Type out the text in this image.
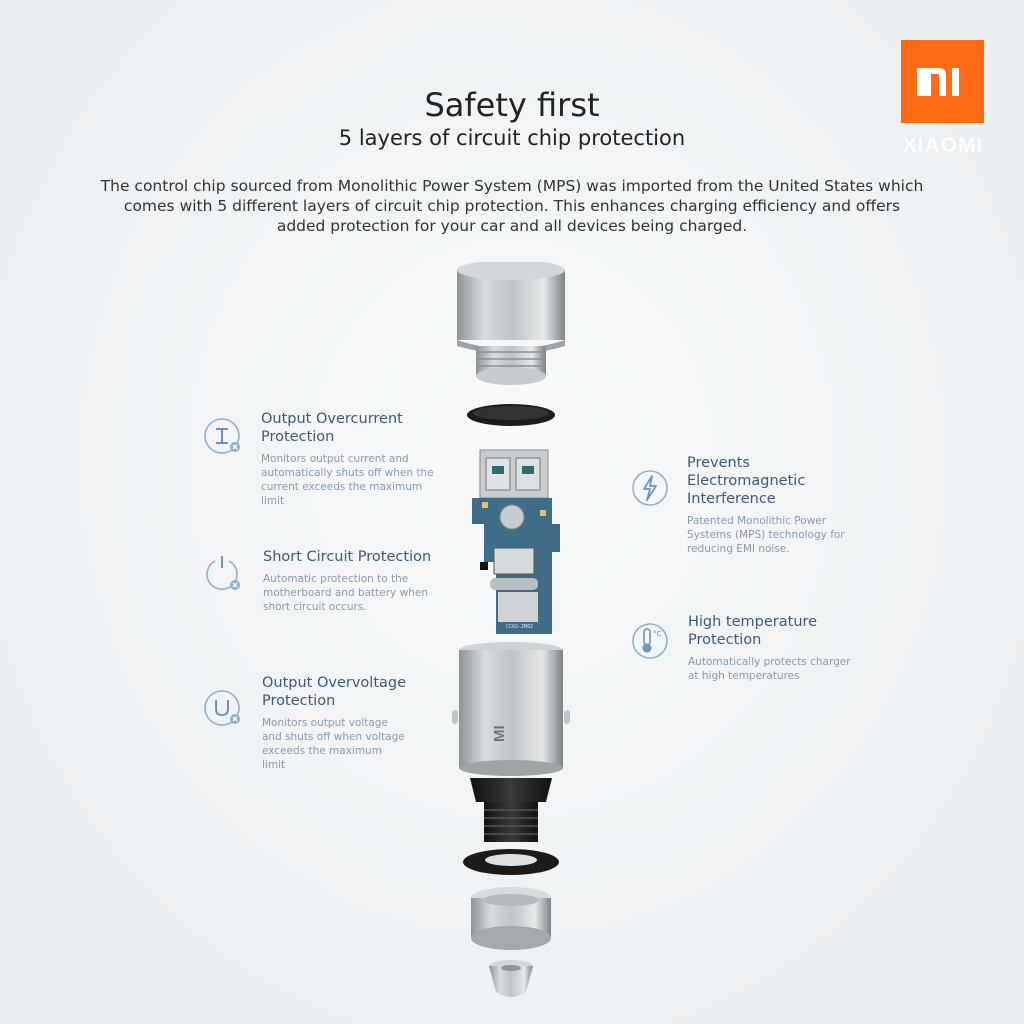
XIAOMI
Safety first
5 layers of circuit chip protection
The control chip sourced from Monolithic Power System (MPS) was imported from the United States which comes with 5 different layers of circuit chip protection. This enhances charging efficiency and offers added protection for your car and all devices being charged.
Output Overcurrent Protection
Monitors output current and automatically shuts off when the current exceeds the maximum limit
Short Circuit Protection
Automatic protection to the motherboard and battery when short circuit occurs.
Output Overvoltage Protection
Monitors output voltage and shuts off when voltage exceeds the maximum limit
Prevents Electromagnetic Interference
Patented Monolithic Power Systems (MPS) technology for reducing EMI noise.
°C
High temperature Protection
Automatically protects charger at high temperatures
CC02-ZM02
MI
